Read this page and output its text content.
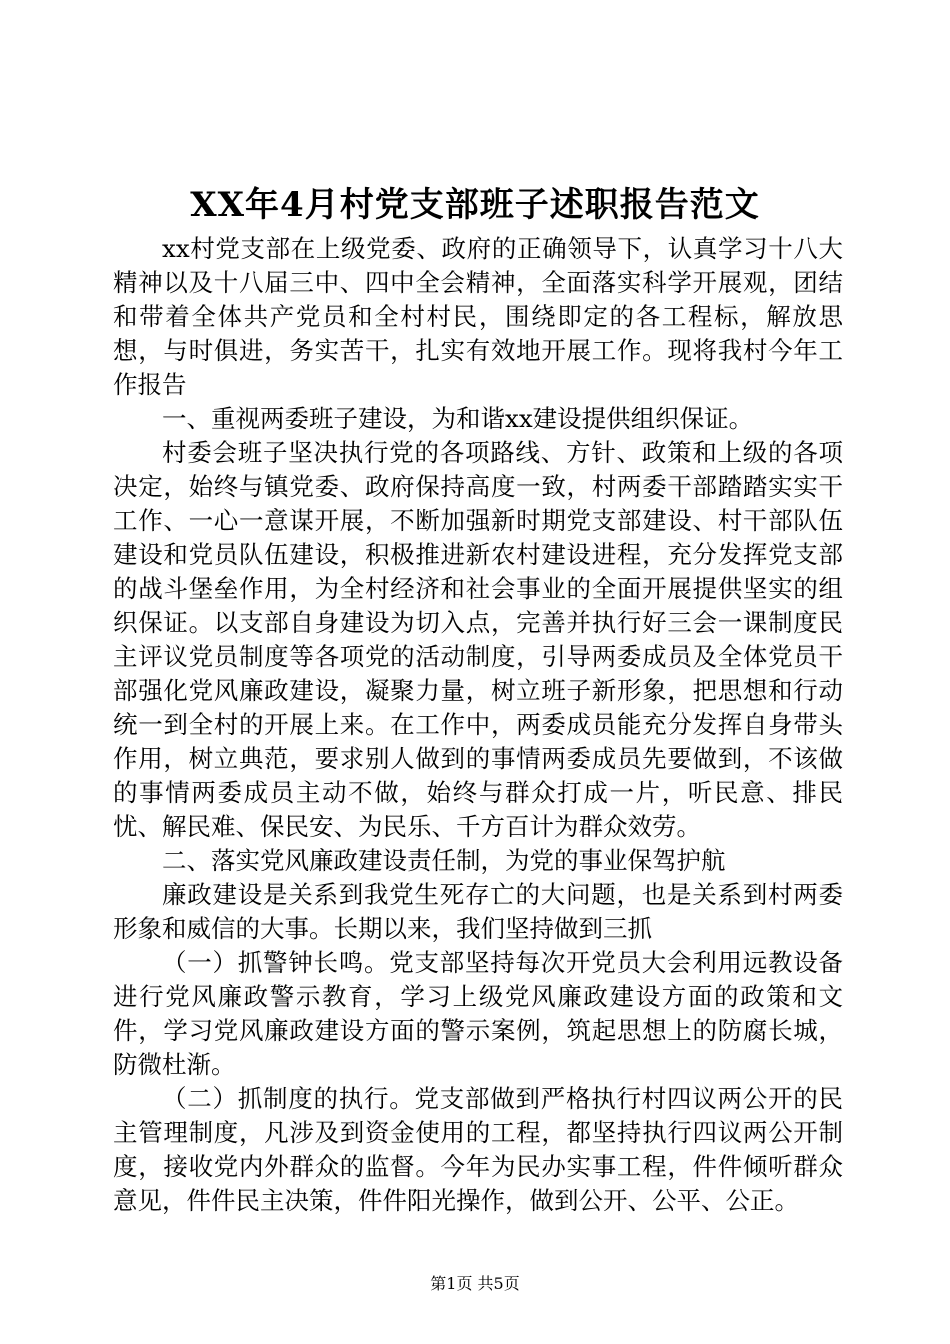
XX年4月村党支部班子述职报告范文

xx村党支部在上级党委、政府的正确领导下，认真学习十八大精神以及十八届三中、四中全会精神，全面落实科学开展观，团结和带着全体共产党员和全村村民，围绕即定的各工程标，解放思想，与时俱进，务实苦干，扎实有效地开展工作。现将我村今年工作报告

一、重视两委班子建设，为和谐xx建设提供组织保证。

村委会班子坚决执行党的各项路线、方针、政策和上级的各项决定，始终与镇党委、政府保持高度一致，村两委干部踏踏实实干工作、一心一意谋开展，不断加强新时期党支部建设、村干部队伍建设和党员队伍建设，积极推进新农村建设进程，充分发挥党支部的战斗堡垒作用，为全村经济和社会事业的全面开展提供坚实的组织保证。以支部自身建设为切入点，完善并执行好三会一课制度民主评议党员制度等各项党的活动制度，引导两委成员及全体党员干部强化党风廉政建设，凝聚力量，树立班子新形象，把思想和行动统一到全村的开展上来。在工作中，两委成员能充分发挥自身带头作用，树立典范，要求别人做到的事情两委成员先要做到，不该做的事情两委成员主动不做，始终与群众打成一片，听民意、排民忧、解民难、保民安、为民乐、千方百计为群众效劳。

二、落实党风廉政建设责任制，为党的事业保驾护航

廉政建设是关系到我党生死存亡的大问题，也是关系到村两委形象和威信的大事。长期以来，我们坚持做到三抓

（一）抓警钟长鸣。党支部坚持每次开党员大会利用远教设备进行党风廉政警示教育，学习上级党风廉政建设方面的政策和文件，学习党风廉政建设方面的警示案例，筑起思想上的防腐长城，防微杜渐。

（二）抓制度的执行。党支部做到严格执行村四议两公开的民主管理制度，凡涉及到资金使用的工程，都坚持执行四议两公开制度，接收党内外群众的监督。今年为民办实事工程，件件倾听群众意见，件件民主决策，件件阳光操作，做到公开、公平、公正。

第1页 共5页
